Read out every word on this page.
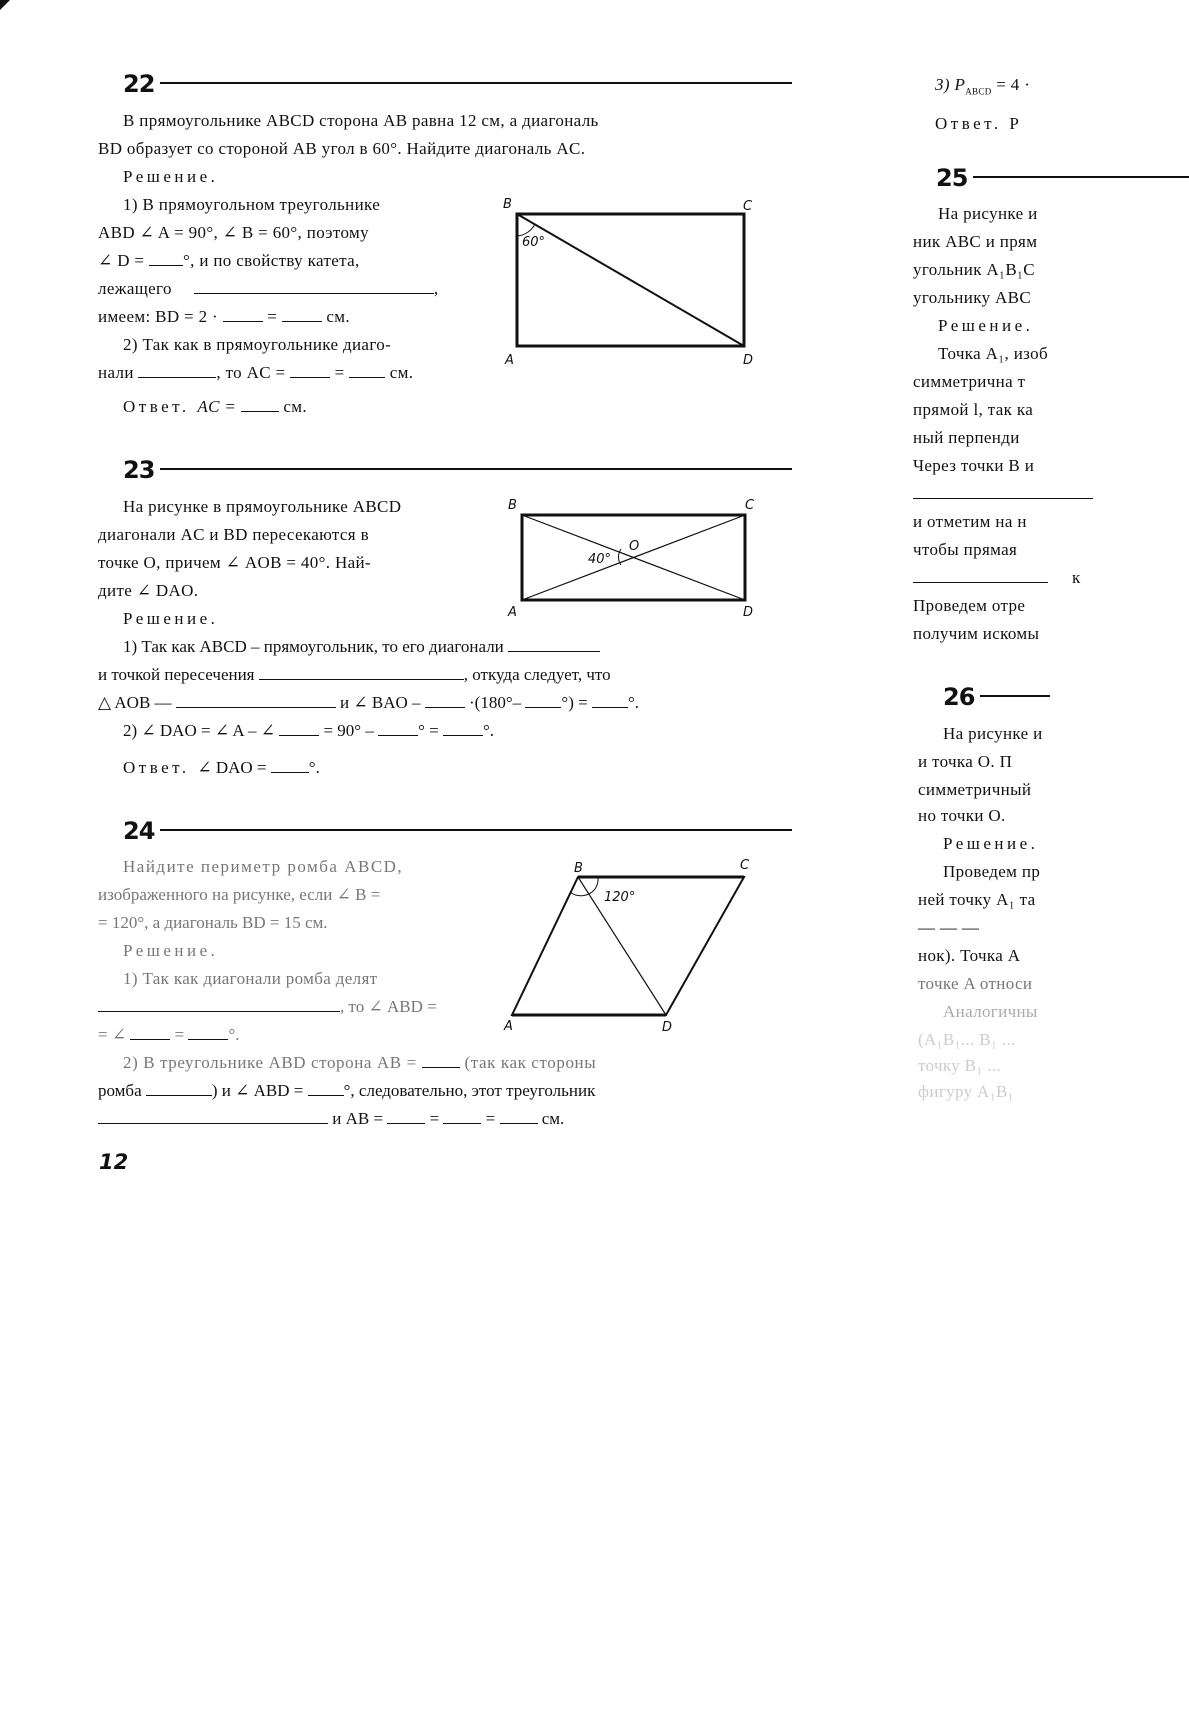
22
В прямоугольнике ABCD сторона AB равна 12 см, а диагональ
BD образует со стороной AB угол в 60°. Найдите диагональ AC.
Решение.
1) В прямоугольном треугольнике
ABD ∠ A = 90°, ∠ B = 60°, поэтому
∠ D = °, и по свойству катета,
лежащего	,
имеем: BD = 2 ·  =  см.
2) Так как в прямоугольнике диаго-
нали	, то AC =  =  см.
Ответ. AC =  см.
B	C
A	D
60°
23
На рисунке в прямоугольнике ABCD
диагонали AC и BD пересекаются в
точке O, причем ∠ AOB = 40°. Най-
дите ∠ DAO.
Решение.
1) Так как ABCD – прямоугольник, то его диагонали
и точкой пересечения	, откуда следует, что
△ AOB —	и ∠ BAO –  ·(180°– °) = °.
2) ∠ DAO = ∠ A – ∠  = 90° – ° = °.
Ответ. ∠ DAO = °.
B	C
A	D
O
40°
24
Найдите периметр ромба ABCD,
изображенного на рисунке, если ∠ B =
= 120°, а диагональ BD = 15 см.
Решение.
1) Так как диагонали ромба делят
, то ∠ ABD =
= ∠  = °.
2) В треугольнике ABD сторона AB =  (так как стороны
ромба	) и ∠ ABD = °, следовательно, этот треугольник
и AB =  =  =  см.
B	C
A	D
120°
12
3) $P_{ABCD} = 4$ ·
Ответ. P
25
На рисунке и
ник ABC и прям
угольник A₁B₁C
угольнику ABC
Решение.
Точка A₁, изоб
симметрична т
прямой l, так ка
ный перпенди
Через точки B и
и отметим на н
чтобы прямая
к
Проведем отре
получим искомы
26
На рисунке и
и точка O. П
симметричный
но точки O.
Решение.
Проведем пр
ней точку A₁ та
— — —
нок). Точка A
точке A относи
Аналогичны
(A₁B₁... B₁ ...
точку B₁ ...
фигуру A₁B₁
